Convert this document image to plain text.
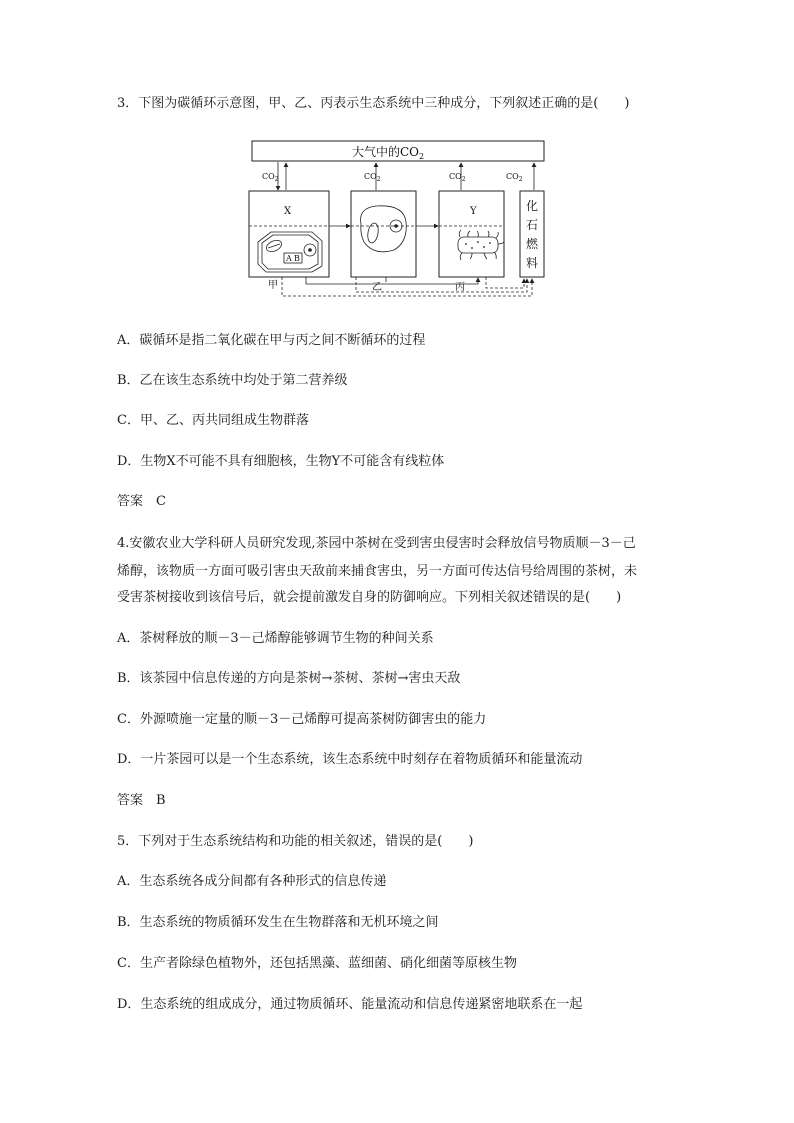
3．下图为碳循环示意图，甲、乙、丙表示生态系统中三种成分，下列叙述正确的是(　　)
大气中的$CO_2$
$CO_2$	$CO_2$	$CO_2$	$CO_2$
X
A B
Y	化
石
燃
料
甲	乙	丙
A．碳循环是指二氧化碳在甲与丙之间不断循环的过程
B．乙在该生态系统中均处于第二营养级
C．甲、乙、丙共同组成生物群落
D．生物X不可能不具有细胞核，生物Y不可能含有线粒体
答案　C
4.安徽农业大学科研人员研究发现,茶园中茶树在受到害虫侵害时会释放信号物质顺－3－己
烯醇，该物质一方面可吸引害虫天敌前来捕食害虫，另一方面可传达信号给周围的茶树，未
受害茶树接收到该信号后，就会提前激发自身的防御响应。下列相关叙述错误的是(　　)
A．茶树释放的顺－3－己烯醇能够调节生物的种间关系
B．该茶园中信息传递的方向是茶树→茶树、茶树→害虫天敌
C．外源喷施一定量的顺－3－己烯醇可提高茶树防御害虫的能力
D．一片茶园可以是一个生态系统，该生态系统中时刻存在着物质循环和能量流动
答案　B
5．下列对于生态系统结构和功能的相关叙述，错误的是(　　)
A．生态系统各成分间都有各种形式的信息传递
B．生态系统的物质循环发生在生物群落和无机环境之间
C．生产者除绿色植物外，还包括黑藻、蓝细菌、硝化细菌等原核生物
D．生态系统的组成成分，通过物质循环、能量流动和信息传递紧密地联系在一起
